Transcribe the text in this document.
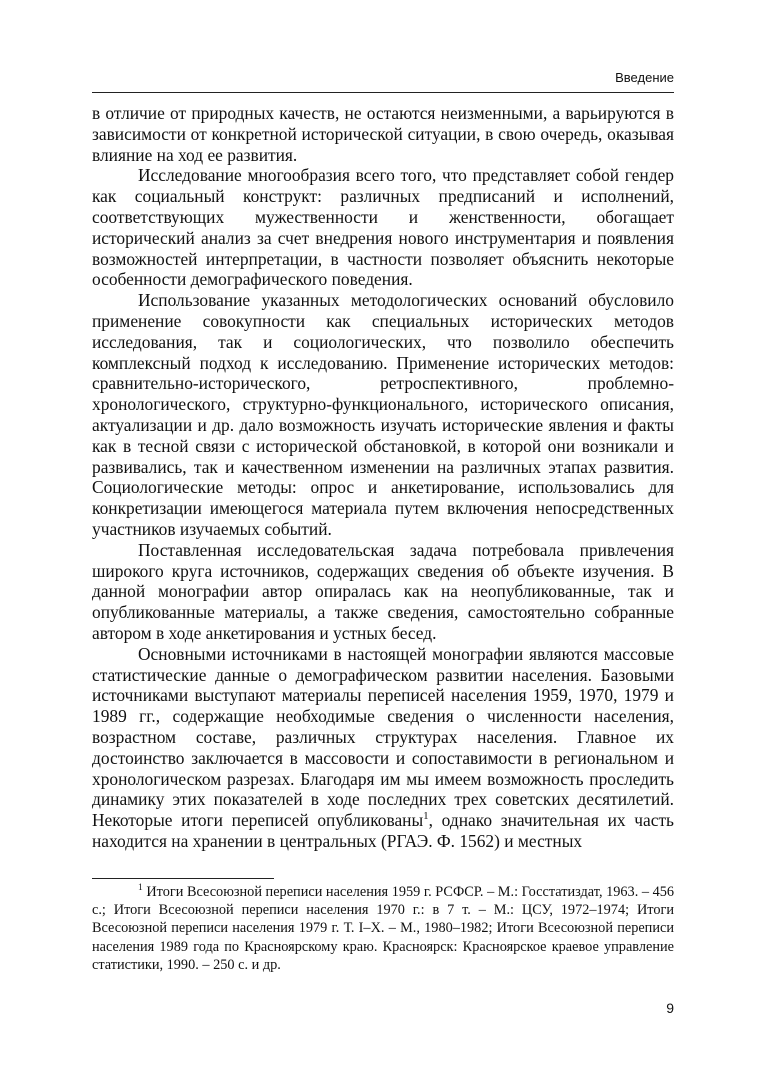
Введение

в отличие от природных качеств, не остаются неизменными, а варьируются в зависимости от конкретной исторической ситуации, в свою очередь, оказывая влияние на ход ее развития.

Исследование многообразия всего того, что представляет собой гендер как социальный конструкт: различных предписаний и исполнений, соответствующих мужественности и женственности, обогащает исторический анализ за счет внедрения нового инструментария и появления возможностей интерпретации, в частности позволяет объяснить некоторые особенности демографического поведения.

Использование указанных методологических оснований обусловило применение совокупности как специальных исторических методов исследования, так и социологических, что позволило обеспечить комплексный подход к исследованию. Применение исторических методов: сравнительно-исторического, ретроспективного, проблемно-хронологического, структурно-функционального, исторического описания, актуализации и др. дало возможность изучать исторические явления и факты как в тесной связи с исторической обстановкой, в которой они возникали и развивались, так и качественном изменении на различных этапах развития. Социологические методы: опрос и анкетирование, использовались для конкретизации имеющегося материала путем включения непосредственных участников изучаемых событий.

Поставленная исследовательская задача потребовала привлечения широкого круга источников, содержащих сведения об объекте изучения. В данной монографии автор опиралась как на неопубликованные, так и опубликованные материалы, а также сведения, самостоятельно собранные автором в ходе анкетирования и устных бесед.

Основными источниками в настоящей монографии являются массовые статистические данные о демографическом развитии населения. Базовыми источниками выступают материалы переписей населения 1959, 1970, 1979 и 1989 гг., содержащие необходимые сведения о численности населения, возрастном составе, различных структурах населения. Главное их достоинство заключается в массовости и сопоставимости в региональном и хронологическом разрезах. Благодаря им мы имеем возможность проследить динамику этих показателей в ходе последних трех советских десятилетий. Некоторые итоги переписей опубликованы$^1$, однако значительная их часть находится на хранении в центральных (РГАЭ. Ф. 1562) и местных

$^1$ Итоги Всесоюзной переписи населения 1959 г. РСФСР. – М.: Госстатиздат, 1963. – 456 с.; Итоги Всесоюзной переписи населения 1970 г.: в 7 т. – М.: ЦСУ, 1972–1974; Итоги Всесоюзной переписи населения 1979 г. Т. I–X. – М., 1980–1982; Итоги Всесоюзной переписи населения 1989 года по Красноярскому краю. Красноярск: Красноярское краевое управление статистики, 1990. – 250 с. и др.

9
